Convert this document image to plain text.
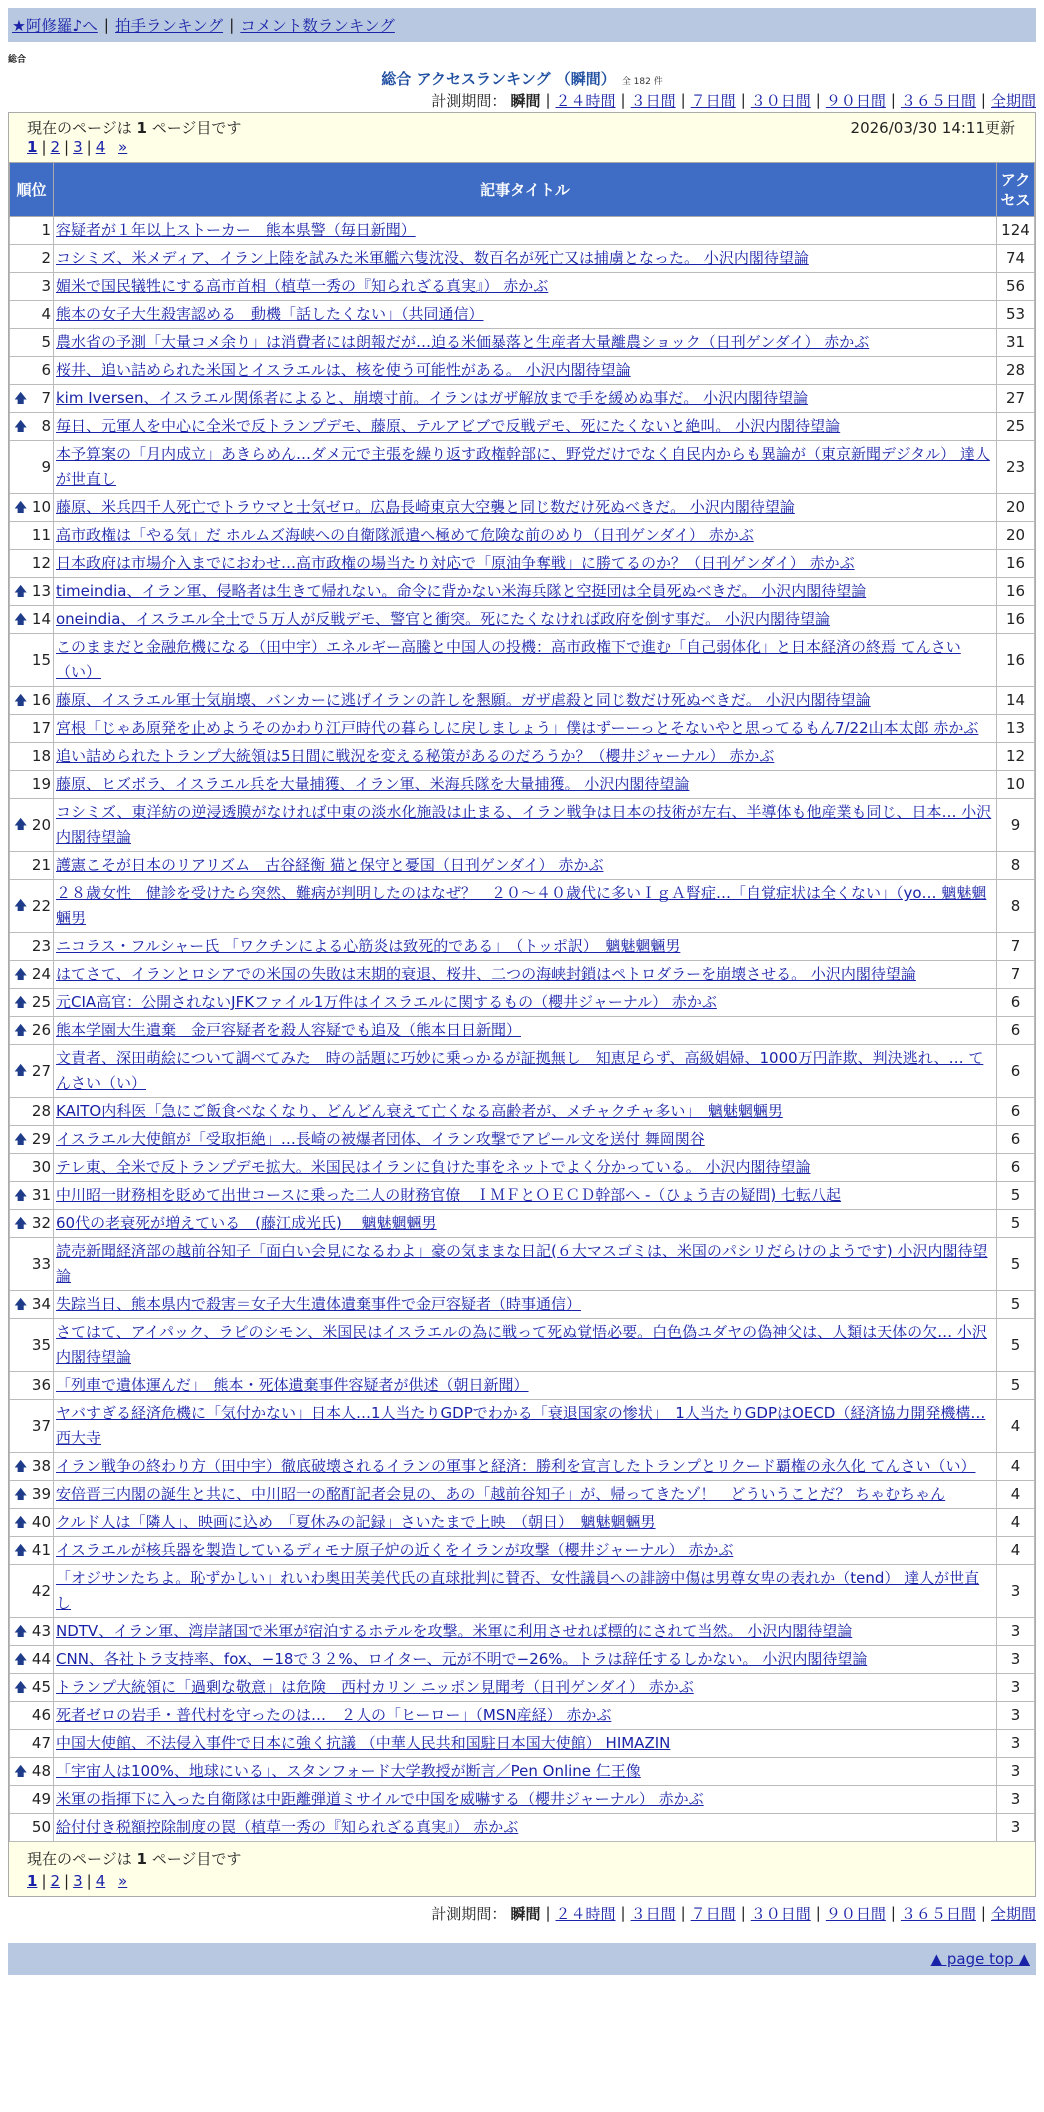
★阿修羅♪へ | 拍手ランキング | コメント数ランキング
総合
総合 アクセスランキング （瞬間） 全 182 件
計測期間： 瞬間 | ２４時間 | ３日間 | ７日間 | ３０日間 | ９０日間 | ３６５日間 | 全期間
現在のページは 1 ページ目です	2026/03/30 14:11更新
1 | 2 | 3 | 4 »
順位	記事タイトル	アクセス
1	容疑者が１年以上ストーカー　熊本県警（毎日新聞）	124
2	コシミズ、米メディア、イラン上陸を試みた米軍艦六隻沈没、数百名が死亡又は捕虜となった。 小沢内閣待望論	74
3	媚米で国民犠牲にする高市首相（植草一秀の『知られざる真実』） 赤かぶ	56
4	熊本の女子大生殺害認める　動機「話したくない」（共同通信）	53
5	農水省の予測「大量コメ余り」は消費者には朗報だが…迫る米価暴落と生産者大量離農ショック（日刊ゲンダイ） 赤かぶ	31
6	桜井、追い詰められた米国とイスラエルは、核を使う可能性がある。 小沢内閣待望論	28

🡅 7	kim Iversen、イスラエル関係者によると、崩壊寸前。イランはガザ解放まで手を緩めぬ事だ。 小沢内閣待望論	27

🡅 8	毎日、元軍人を中心に全米で反トランプデモ、藤原、テルアビブで反戦デモ、死にたくないと絶叫。 小沢内閣待望論	25
9	本予算案の「月内成立」あきらめん…ダメ元で主張を繰り返す政権幹部に、野党だけでなく自民内からも異論が（東京新聞デジタル） 達人が世直し	23

🡅 10	藤原、米兵四千人死亡でトラウマと士気ゼロ。広島長崎東京大空襲と同じ数だけ死ぬべきだ。 小沢内閣待望論	20
11	高市政権は「やる気」だ ホルムズ海峡への自衛隊派遣へ極めて危険な前のめり（日刊ゲンダイ） 赤かぶ	20
12	日本政府は市場介入までにおわせ…高市政権の場当たり対応で「原油争奪戦」に勝てるのか？（日刊ゲンダイ） 赤かぶ	16

🡅 13	timeindia、イラン軍、侵略者は生きて帰れない。命令に背かない米海兵隊と空挺団は全員死ぬべきだ。 小沢内閣待望論	16

🡅 14	oneindia、イスラエル全土で５万人が反戦デモ、警官と衝突。死にたくなければ政府を倒す事だ。 小沢内閣待望論	16
15	このままだと金融危機になる（田中宇）エネルギー高騰と中国人の投機：高市政権下で進む「自己弱体化」と日本経済の終焉 てんさい（い）	16

🡅 16	藤原、イスラエル軍士気崩壊、バンカーに逃げイランの許しを懇願。ガザ虐殺と同じ数だけ死ぬべきだ。 小沢内閣待望論	14
17	宮根「じゃあ原発を止めようそのかわり江戸時代の暮らしに戻しましょう」僕はずーーっとそないやと思ってるもん7/22山本太郎 赤かぶ	13
18	追い詰められたトランプ大統領は5日間に戦況を変える秘策があるのだろうか？（櫻井ジャーナル） 赤かぶ	12
19	藤原、ヒズボラ、イスラエル兵を大量捕獲、イラン軍、米海兵隊を大量捕獲。 小沢内閣待望論	10

🡅 20	コシミズ、東洋紡の逆浸透膜がなければ中東の淡水化施設は止まる、イラン戦争は日本の技術が左右、半導体も他産業も同じ、日本… 小沢内閣待望論	9
21	護憲こそが日本のリアリズム　古谷経衡 猫と保守と憂国（日刊ゲンダイ） 赤かぶ	8

🡅 22	２８歳女性　健診を受けたら突然、難病が判明したのはなぜ？　２０～４０歳代に多いＩｇＡ腎症…「自覚症状は全くない」（yo… 魑魅魍魎男	8
23	ニコラス・フルシャー氏 「ワクチンによる心筋炎は致死的である」　（トッポ訳）　魑魅魍魎男	7

🡅 24	はてさて、イランとロシアでの米国の失敗は末期的衰退、桜井、二つの海峡封鎖はペトロダラーを崩壊させる。 小沢内閣待望論	7

🡅 25	元CIA高官：公開されないJFKファイル1万件はイスラエルに関するもの（櫻井ジャーナル） 赤かぶ	6

🡅 26	熊本学園大生遺棄　金戸容疑者を殺人容疑でも追及（熊本日日新聞）	6

🡅 27	文責者、深田萌絵について調べてみた　時の話題に巧妙に乗っかるが証拠無し　知恵足らず、高級娼婦、1000万円詐欺、判決逃れ、… てんさい（い）	6
28	KAITO内科医「急にご飯食べなくなり、どんどん衰えて亡くなる高齢者が、メチャクチャ多い」　魑魅魍魎男	6

🡅 29	イスラエル大使館が「受取拒絶」…長崎の被爆者団体、イラン攻撃でアピール文を送付 舞岡関谷	6
30	テレ東、全米で反トランプデモ拡大。米国民はイランに負けた事をネットでよく分かっている。 小沢内閣待望論	6

🡅 31	中川昭一財務相を貶めて出世コースに乗った二人の財務官僚　ＩＭＦとＯＥＣＤ幹部へ -（ひょう吉の疑問) 七転八起	5

🡅 32	60代の老衰死が増えている　(藤江成光氏)　 魑魅魍魎男	5
33	読売新聞経済部の越前谷知子「面白い会見になるわよ」豪の気ままな日記(６大マスゴミは、米国のパシリだらけのようです) 小沢内閣待望論	5

🡅 34	失踪当日、熊本県内で殺害＝女子大生遺体遺棄事件で金戸容疑者（時事通信）	5
35	さてはて、アイパック、ラピのシモン、米国民はイスラエルの為に戦って死ぬ覚悟必要。白色偽ユダヤの偽神父は、人類は天体の欠… 小沢内閣待望論	5
36	「列車で遺体運んだ」　熊本・死体遺棄事件容疑者が供述（朝日新聞）	5
37	ヤバすぎる経済危機に「気付かない」日本人…1人当たりGDPでわかる「衰退国家の惨状」　1人当たりGDPはOECD（経済協力開発機構… 西大寺	4

🡅 38	イラン戦争の終わり方（田中宇）徹底破壊されるイランの軍事と経済：勝利を宣言したトランプとリクード覇権の永久化 てんさい（い）	4

🡅 39	安倍晋三内閣の誕生と共に、中川昭一の酩酊記者会見の、あの「越前谷知子」が、帰ってきたゾ！　どういうことだ？ ちゃむちゃん	4

🡅 40	クルド人は「隣人」、映画に込め　「夏休みの記録」さいたまで上映　（朝日）　魑魅魍魎男	4

🡅 41	イスラエルが核兵器を製造しているディモナ原子炉の近くをイランが攻撃（櫻井ジャーナル） 赤かぶ	4
42	「オジサンたちよ。恥ずかしい」れいわ奥田芙美代氏の直球批判に賛否、女性議員への誹謗中傷は男尊女卑の表れか（tend） 達人が世直し	3

🡅 43	NDTV、イラン軍、湾岸諸国で米軍が宿泊するホテルを攻撃。米軍に利用させれば標的にされて当然。 小沢内閣待望論	3

🡅 44	CNN、各社トラ支持率、fox、−18で３２%、ロイター、元が不明で−26%。トラは辞任するしかない。 小沢内閣待望論	3

🡅 45	トランプ大統領に「過剰な敬意」は危険　西村カリン ニッポン見聞考（日刊ゲンダイ） 赤かぶ	3
46	死者ゼロの岩手・普代村を守ったのは…　２人の「ヒーロー」（MSN産経） 赤かぶ	3
47	中国大使館、不法侵入事件で日本に強く抗議 （中華人民共和国駐日本国大使館） HIMAZIN	3

🡅 48	「宇宙人は100%、地球にいる」、スタンフォード大学教授が断言／Pen Online 仁王像	3
49	米軍の指揮下に入った自衛隊は中距離弾道ミサイルで中国を威嚇する（櫻井ジャーナル） 赤かぶ	3
50	給付付き税額控除制度の罠（植草一秀の『知られざる真実』） 赤かぶ	3
現在のページは 1 ページ目です
1 | 2 | 3 | 4 »
計測期間： 瞬間 | ２４時間 | ３日間 | ７日間 | ３０日間 | ９０日間 | ３６５日間 | 全期間
▲ page top ▲
